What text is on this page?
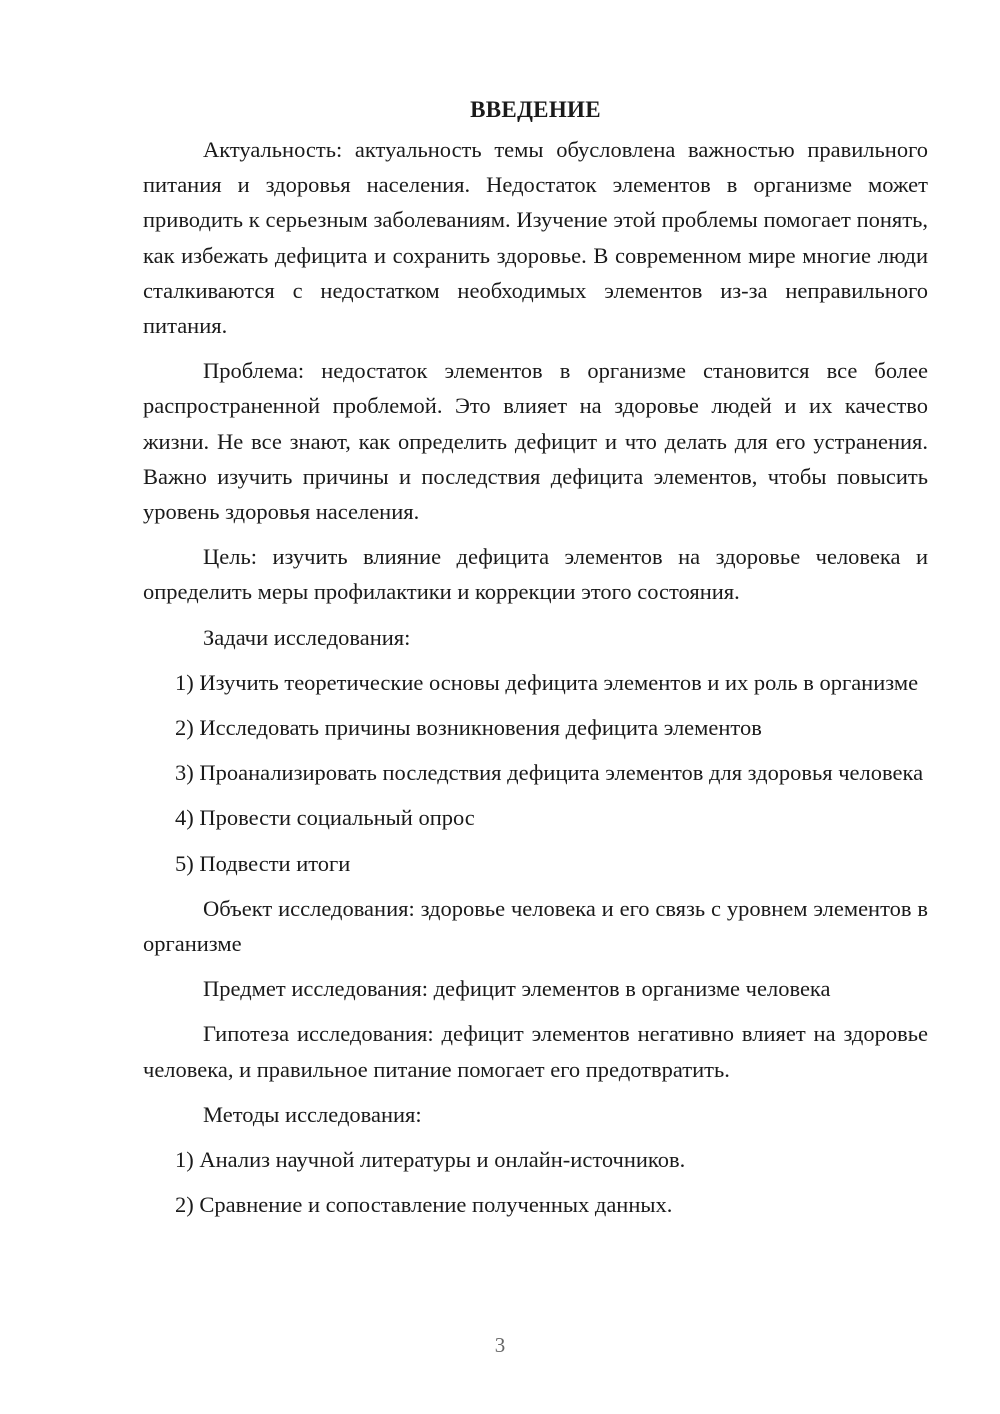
ВВЕДЕНИЕ

Актуальность: актуальность темы обусловлена важностью правильного питания и здоровья населения. Недостаток элементов в организме может приводить к серьезным заболеваниям. Изучение этой проблемы помогает понять, как избежать дефицита и сохранить здоровье. В современном мире многие люди сталкиваются с недостатком необходимых элементов из-за неправильного питания.

Проблема: недостаток элементов в организме становится все более распространенной проблемой. Это влияет на здоровье людей и их качество жизни. Не все знают, как определить дефицит и что делать для его устранения. Важно изучить причины и последствия дефицита элементов, чтобы повысить уровень здоровья населения.

Цель: изучить влияние дефицита элементов на здоровье человека и определить меры профилактики и коррекции этого состояния.

Задачи исследования:

1) Изучить теоретические основы дефицита элементов и их роль в организме

2) Исследовать причины возникновения дефицита элементов

3) Проанализировать последствия дефицита элементов для здоровья человека

4) Провести социальный опрос

5) Подвести итоги

Объект исследования: здоровье человека и его связь с уровнем элементов в организме

Предмет исследования: дефицит элементов в организме человека

Гипотеза исследования: дефицит элементов негативно влияет на здоровье человека, и правильное питание помогает его предотвратить.

Методы исследования:

1) Анализ научной литературы и онлайн-источников.

2) Сравнение и сопоставление полученных данных.

3
